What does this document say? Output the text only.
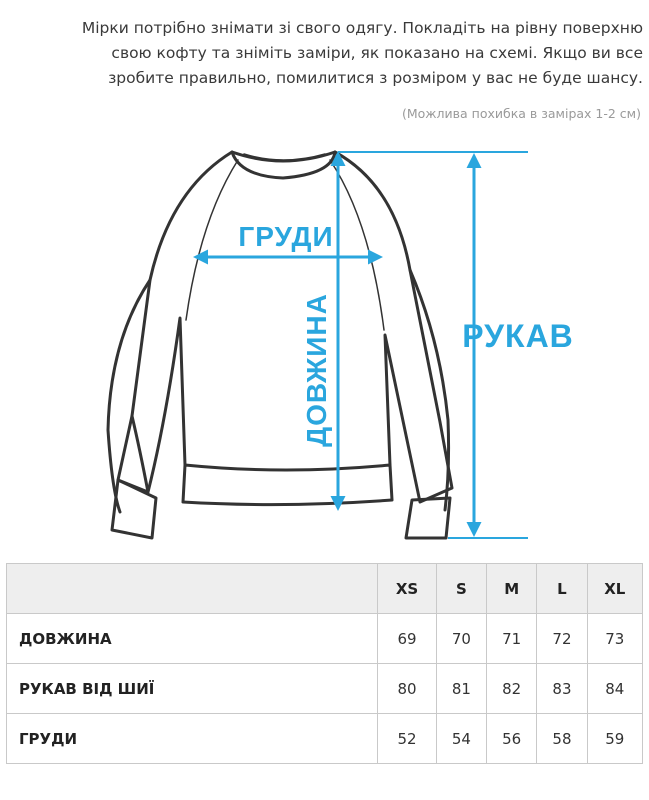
Мірки потрібно знімати зі свого одягу. Покладіть на рівну поверхню

свою кофту та зніміть заміри, як показано на схемі. Якщо ви все

зробите правильно, помилитися з розміром у вас не буде шансу.

(Можлива похибка в замірах 1-2 см)
ГРУДИ
ДОВЖИНА	РУКАВ
	XS	S	M	L	XL
ДОВЖИНА	69	70	71	72	73
РУКАВ ВІД ШИЇ	80	81	82	83	84
ГРУДИ	52	54	56	58	59
